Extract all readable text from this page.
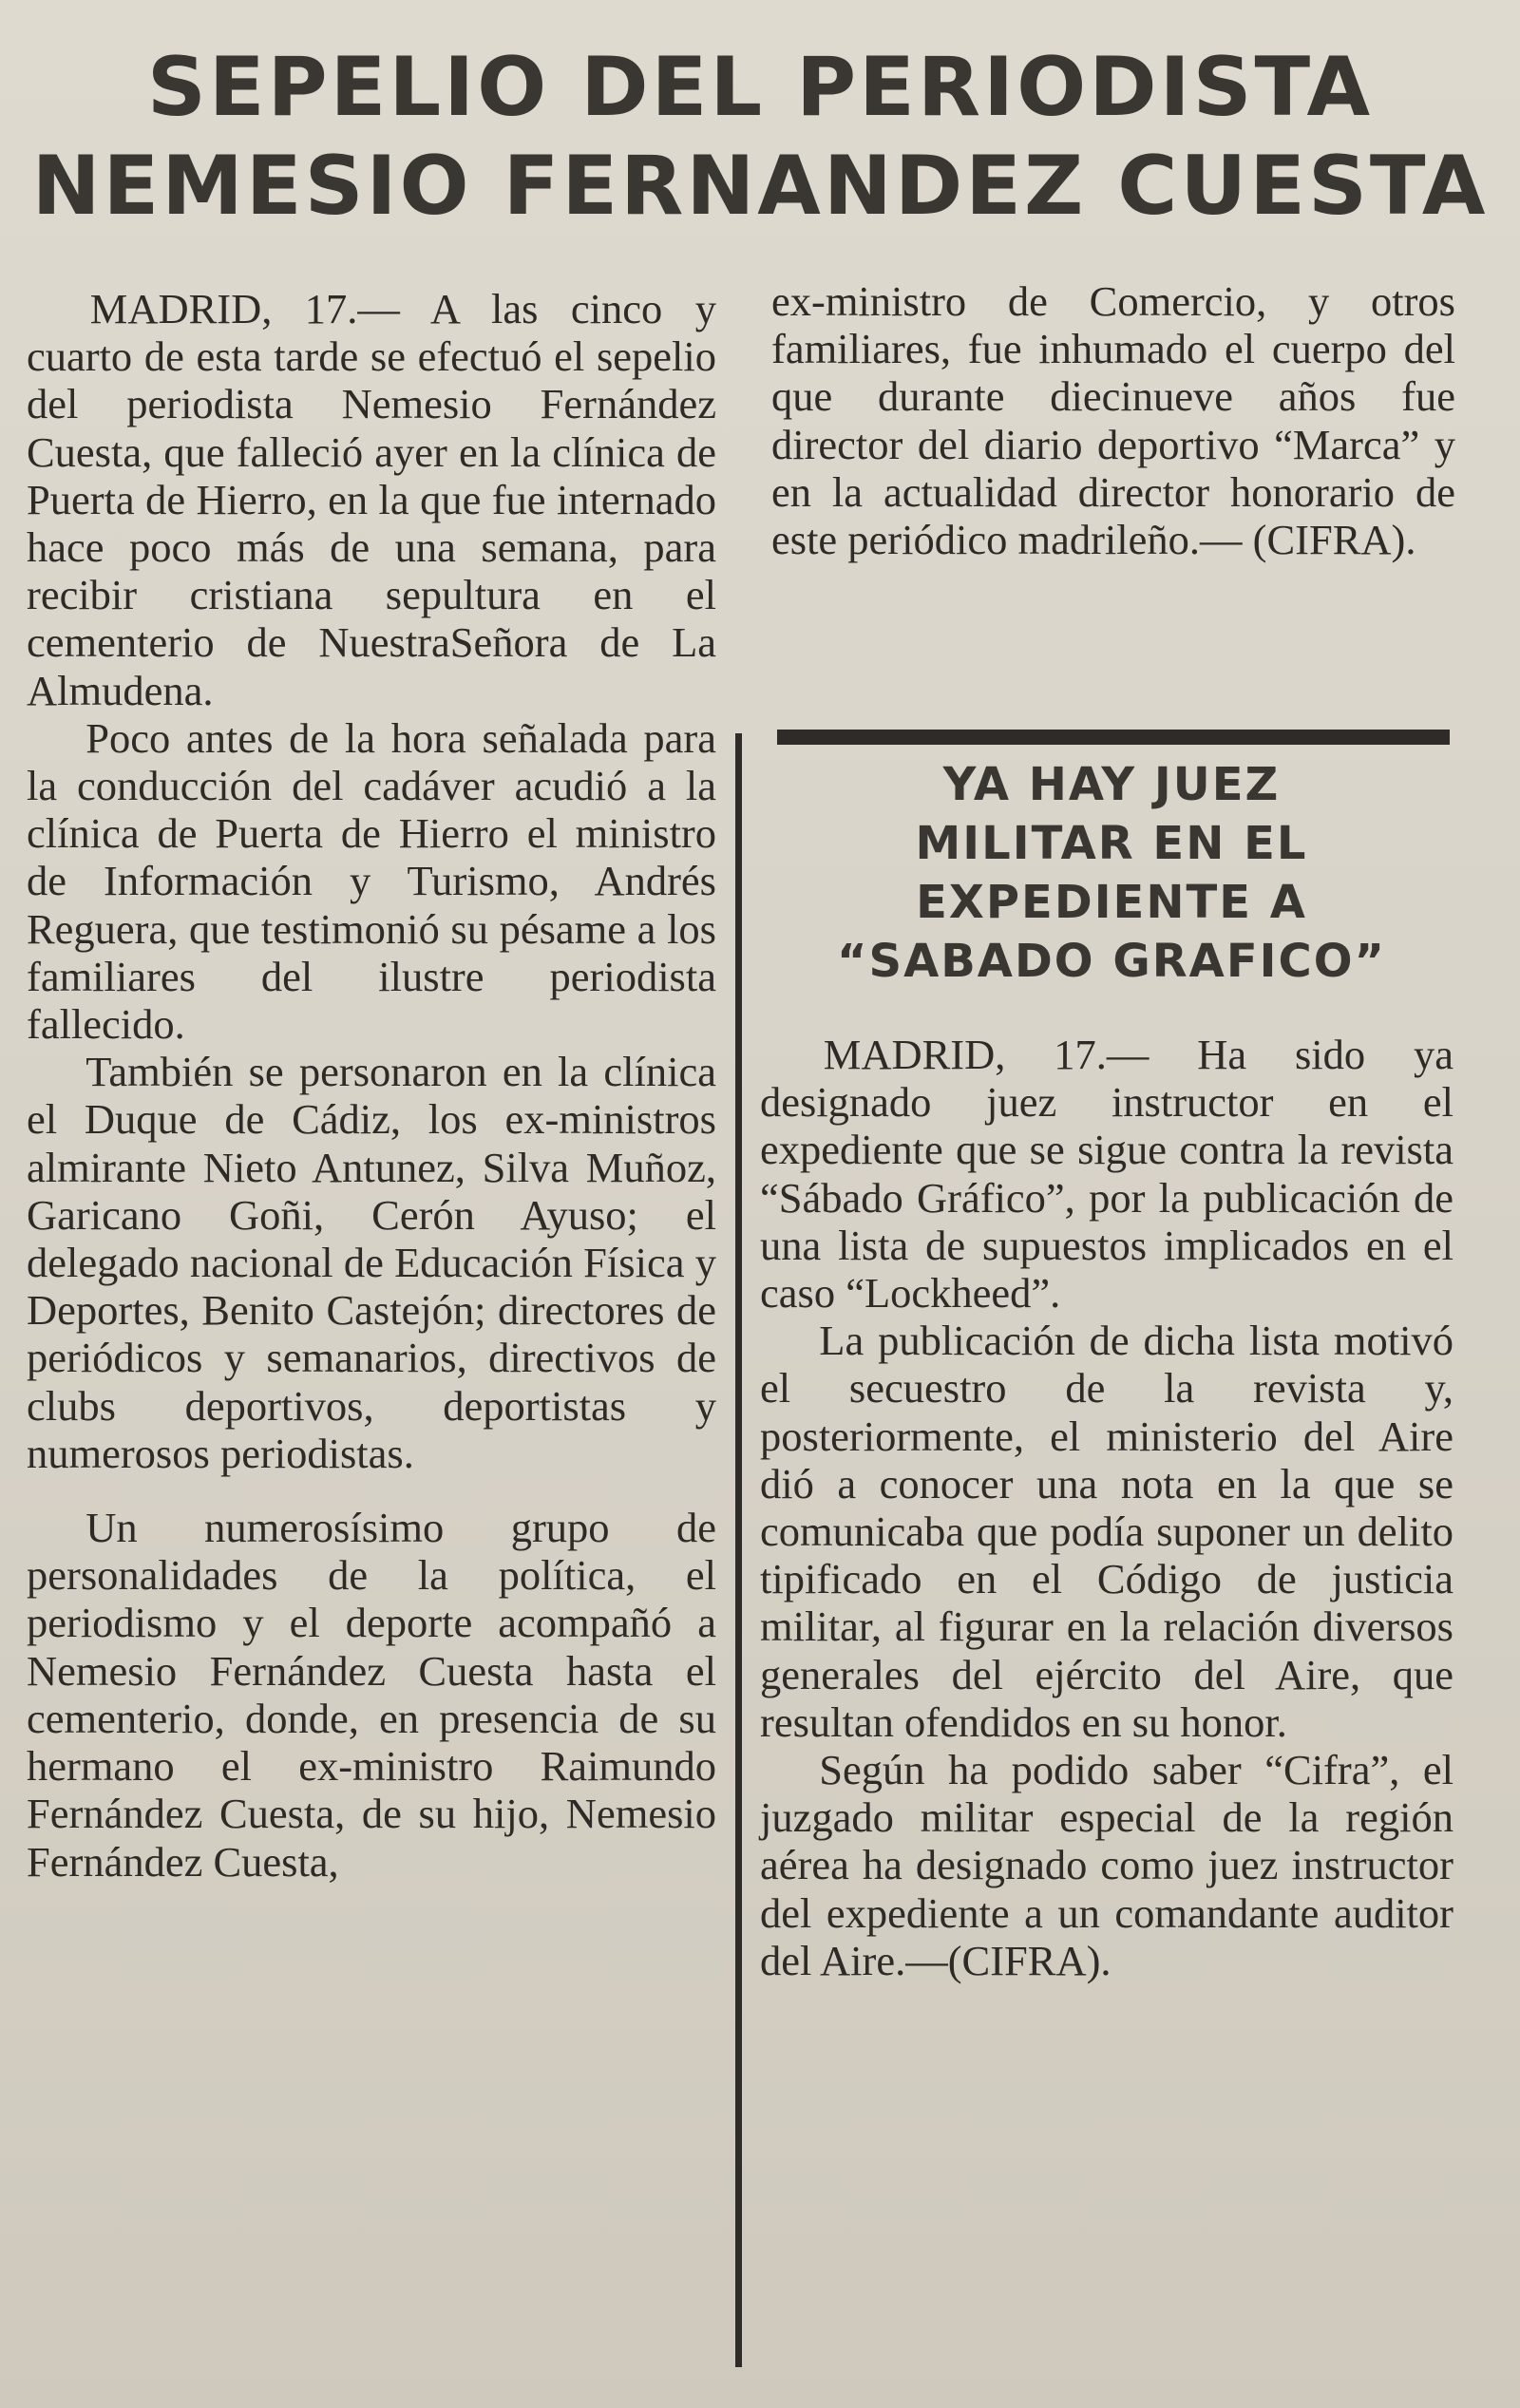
SEPELIO DEL PERIODISTA
NEMESIO FERNANDEZ CUESTA

MADRID, 17.— A las cinco y cuarto de esta tarde se efectuó el sepelio del periodista Nemesio Fernández Cuesta, que falleció ayer en la clínica de Puerta de Hierro, en la que fue internado hace poco más de una semana, para recibir cristiana sepultura en el cementerio de NuestraSeñora de La Almudena.

Poco antes de la hora señalada para la conducción del cadáver acudió a la clínica de Puerta de Hierro el ministro de Información y Turismo, Andrés Reguera, que testimonió su pésame a los familiares del ilustre periodista fallecido.

También se personaron en la clínica el Duque de Cádiz, los ex-ministros almirante Nieto Antunez, Silva Muñoz, Garicano Goñi, Cerón Ayuso; el delegado nacional de Educación Física y Deportes, Benito Castejón; directores de periódicos y semanarios, directivos de clubs deportivos, deportistas y numerosos periodistas.

Un numerosísimo grupo de personalidades de la política, el periodismo y el deporte acompañó a Nemesio Fernández Cuesta hasta el cementerio, donde, en presencia de su hermano el ex-ministro Raimundo Fernández Cuesta, de su hijo, Nemesio Fernández Cuesta,

ex-ministro de Comercio, y otros familiares, fue inhumado el cuerpo del que durante diecinueve años fue director del diario deportivo “Marca” y en la actualidad director honorario de este periódico madrileño.— (CIFRA).

YA HAY JUEZ
MILITAR EN EL
EXPEDIENTE A
“SABADO GRAFICO”

MADRID, 17.— Ha sido ya designado juez instructor en el expediente que se sigue contra la revista “Sábado Gráfico”, por la publicación de una lista de supuestos implicados en el caso “Lockheed”.

La publicación de dicha lista motivó el secuestro de la revista y, posteriormente, el ministerio del Aire dió a conocer una nota en la que se comunicaba que podía suponer un delito tipificado en el Código de justicia militar, al figurar en la relación diversos generales del ejército del Aire, que resultan ofendidos en su honor.

Según ha podido saber “Cifra”, el juzgado militar especial de la región aérea ha designado como juez instructor del expediente a un comandante auditor del Aire.—(CIFRA).
